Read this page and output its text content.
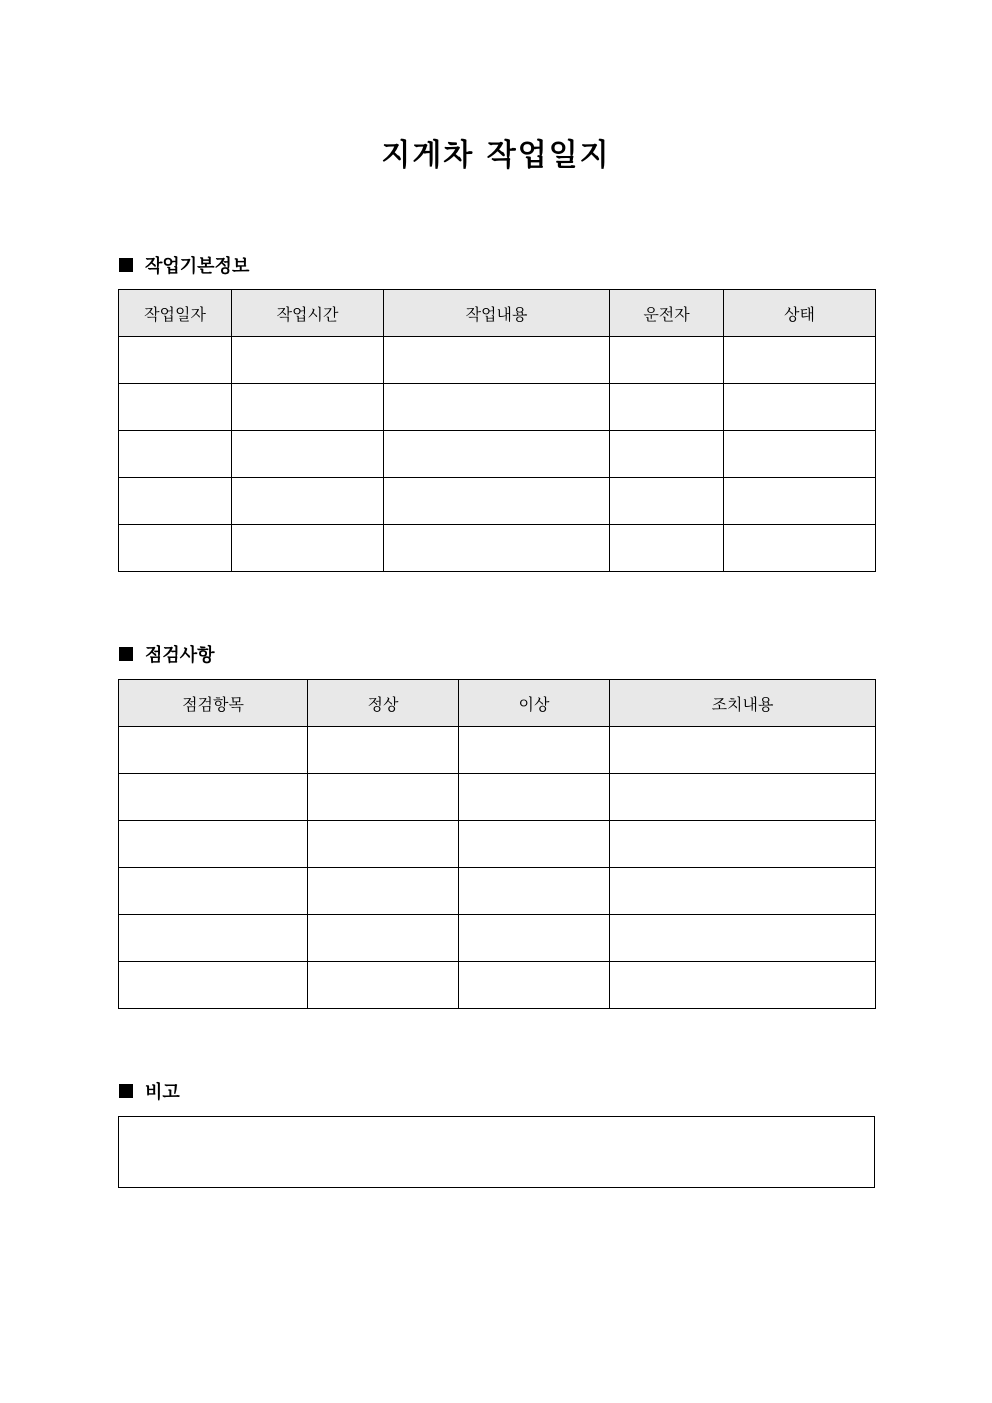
지게차 작업일지
작업기본정보
작업일자	작업시간	작업내용	운전자	상태

점검사항
점검항목	정상	이상	조치내용

비고
